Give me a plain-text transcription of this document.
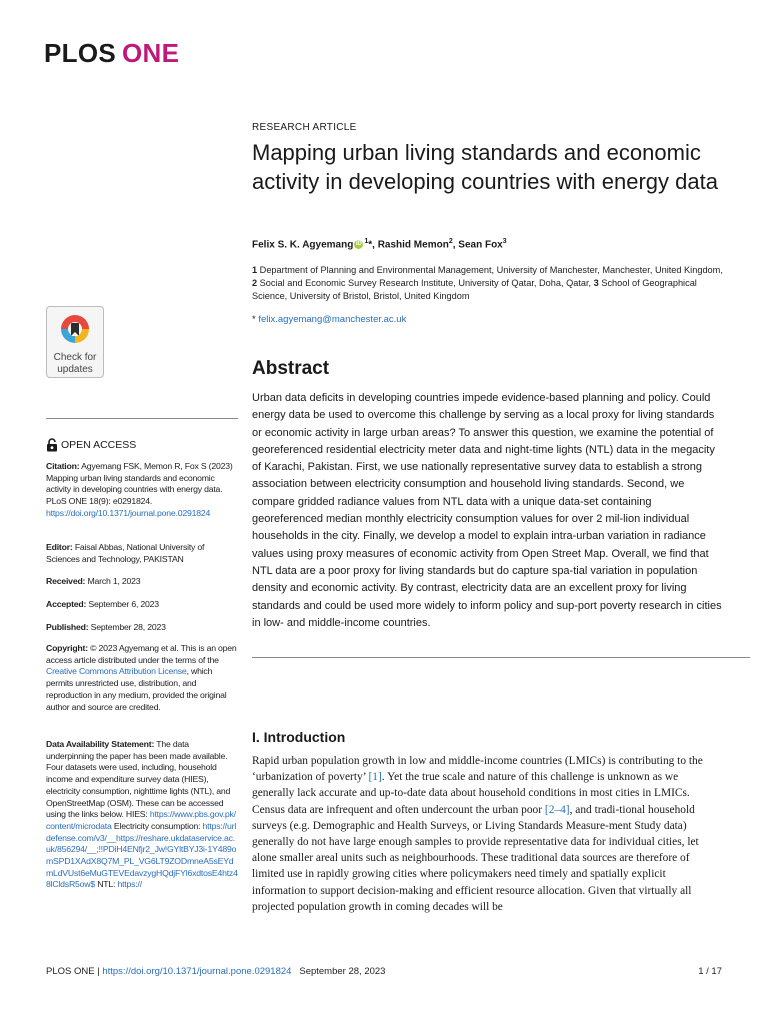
PLOS ONE
Check for
updates
OPEN ACCESS
Citation: Agyemang FSK, Memon R, Fox S (2023) Mapping urban living standards and economic activity in developing countries with energy data. PLoS ONE 18(9): e0291824. https://doi.org/10.1371/journal.pone.0291824
Editor: Faisal Abbas, National University of Sciences and Technology, PAKISTAN
Received: March 1, 2023
Accepted: September 6, 2023
Published: September 28, 2023
Copyright: © 2023 Agyemang et al. This is an open access article distributed under the terms of the Creative Commons Attribution License, which permits unrestricted use, distribution, and reproduction in any medium, provided the original author and source are credited.
Data Availability Statement: The data underpinning the paper has been made available. Four datasets were used, including, household income and expenditure survey data (HIES), electricity consumption, nighttime lights (NTL), and OpenStreetMap (OSM). These can be accessed using the links below. HIES: https://www.pbs.gov.pk/content/microdata Electricity consumption: https://urldefense.com/v3/__https://reshare.ukdataservice.ac.uk/856294/__;!!PDiH4ENfjr2_Jw!GYltBYJ3i-1Y489omSPD1XAdX8Q7M_PL_VG6LT9ZODmneA5sEYdmLdVUst6eMuGTEVEdavzygHQdjFYl6xdtosE4htz48lCldsR5ow$ NTL: https://
RESEARCH ARTICLE
Mapping urban living standards and economic activity in developing countries with energy data
Felix S. K. Agyemang iD $^1$*, Rashid Memon$^2$, Sean Fox$^3$
1 Department of Planning and Environmental Management, University of Manchester, Manchester, United Kingdom, 2 Social and Economic Survey Research Institute, University of Qatar, Doha, Qatar, 3 School of Geographical Science, University of Bristol, Bristol, United Kingdom
* felix.agyemang@manchester.ac.uk
Abstract

Urban data deficits in developing countries impede evidence-based planning and policy. Could energy data be used to overcome this challenge by serving as a local proxy for living standards or economic activity in large urban areas? To answer this question, we examine the potential of georeferenced residential electricity meter data and night-time lights (NTL) data in the megacity of Karachi, Pakistan. First, we use nationally representative survey data to establish a strong association between electricity consumption and household living standards. Second, we compare gridded radiance values from NTL data with a unique data-set containing georeferenced median monthly electricity consumption values for over 2 mil-lion individual households in the city. Finally, we develop a model to explain intra-urban variation in radiance values using proxy measures of economic activity from Open Street Map. Overall, we find that NTL data are a poor proxy for living standards but do capture spa-tial variation in population density and economic activity. By contrast, electricity data are an excellent proxy for living standards and could be used more widely to inform policy and sup-port poverty research in cities in low- and middle-income countries.

I. Introduction

Rapid urban population growth in low and middle-income countries (LMICs) is contributing to the ‘urbanization of poverty’ [1]. Yet the true scale and nature of this challenge is unknown as we generally lack accurate and up-to-date data about household conditions in most cities in LMICs. Census data are infrequent and often undercount the urban poor [2–4], and tradi-tional household surveys (e.g. Demographic and Health Surveys, or Living Standards Measure-ment Study data) generally do not have large enough samples to provide representative data for individual cities, let alone smaller areal units such as neighbourhoods. These traditional data sources are therefore of limited use in rapidly growing cities where policymakers need timely and spatially explicit information to support decision-making and efficient resource allocation. Given that virtually all projected population growth in coming decades will be

PLOS ONE | https://doi.org/10.1371/journal.pone.0291824 September 28, 2023	1 / 17
